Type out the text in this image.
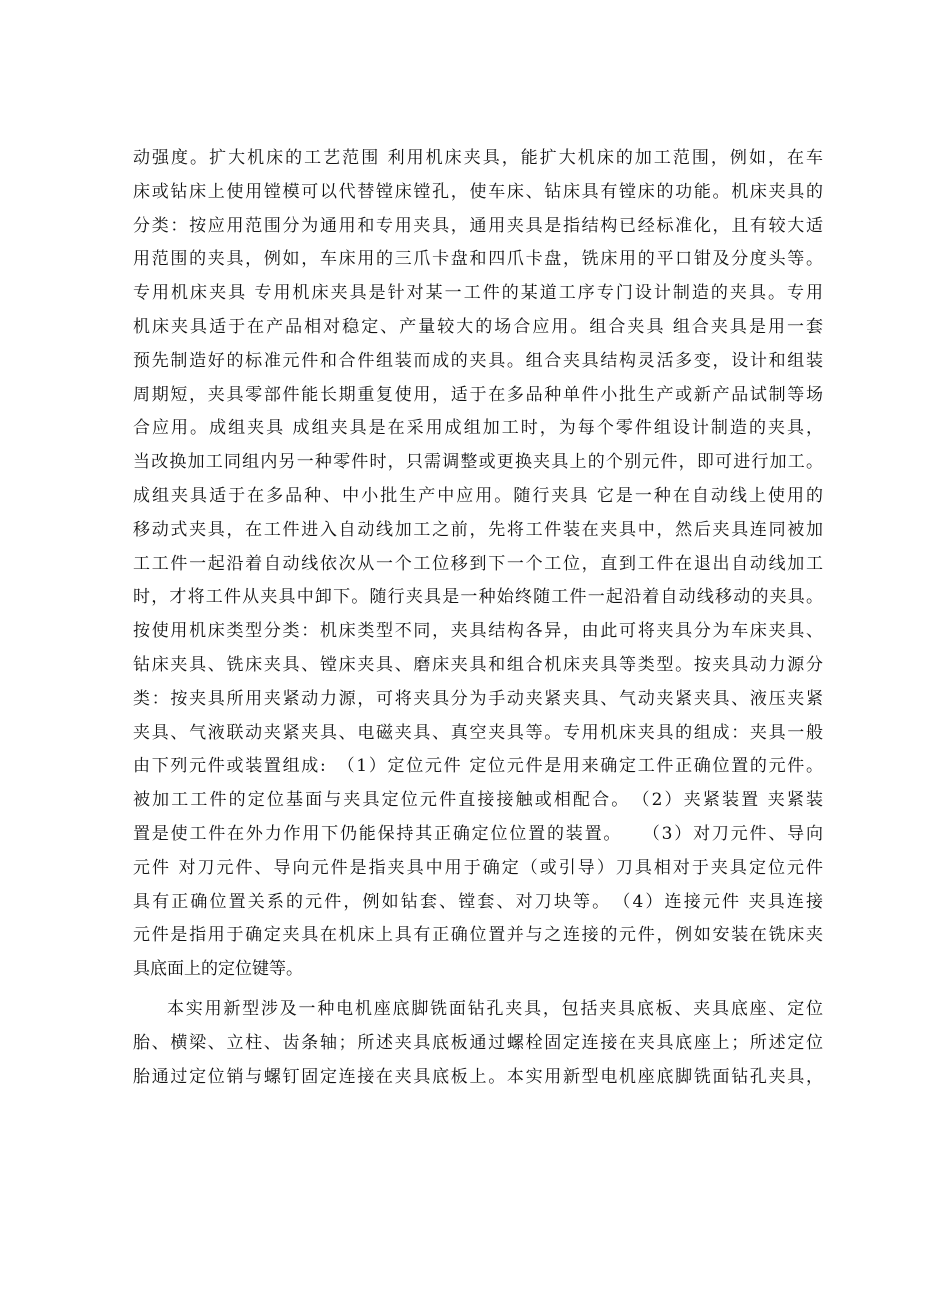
动强度。扩大机床的工艺范围 利用机床夹具，能扩大机床的加工范围，例如，在车
床或钻床上使用镗模可以代替镗床镗孔，使车床、钻床具有镗床的功能。机床夹具的
分类：按应用范围分为通用和专用夹具，通用夹具是指结构已经标准化，且有较大适
用范围的夹具，例如，车床用的三爪卡盘和四爪卡盘，铣床用的平口钳及分度头等。
专用机床夹具 专用机床夹具是针对某一工件的某道工序专门设计制造的夹具。专用
机床夹具适于在产品相对稳定、产量较大的场合应用。组合夹具 组合夹具是用一套
预先制造好的标准元件和合件组装而成的夹具。组合夹具结构灵活多变，设计和组装
周期短，夹具零部件能长期重复使用，适于在多品种单件小批生产或新产品试制等场
合应用。成组夹具 成组夹具是在采用成组加工时，为每个零件组设计制造的夹具，
当改换加工同组内另一种零件时，只需调整或更换夹具上的个别元件，即可进行加工。
成组夹具适于在多品种、中小批生产中应用。随行夹具 它是一种在自动线上使用的
移动式夹具，在工件进入自动线加工之前，先将工件装在夹具中，然后夹具连同被加
工工件一起沿着自动线依次从一个工位移到下一个工位，直到工件在退出自动线加工
时，才将工件从夹具中卸下。随行夹具是一种始终随工件一起沿着自动线移动的夹具。
按使用机床类型分类：机床类型不同，夹具结构各异，由此可将夹具分为车床夹具、
钻床夹具、铣床夹具、镗床夹具、磨床夹具和组合机床夹具等类型。按夹具动力源分
类：按夹具所用夹紧动力源，可将夹具分为手动夹紧夹具、气动夹紧夹具、液压夹紧
夹具、气液联动夹紧夹具、电磁夹具、真空夹具等。专用机床夹具的组成：夹具一般
由下列元件或装置组成:　（1）定位元件 定位元件是用来确定工件正确位置的元件。
被加工工件的定位基面与夹具定位元件直接接触或相配合。　（2）夹紧装置 夹紧装
置是使工件在外力作用下仍能保持其正确定位位置的装置。　　（3）对刀元件、导向
元件 对刀元件、导向元件是指夹具中用于确定（或引导）刀具相对于夹具定位元件
具有正确位置关系的元件，例如钻套、镗套、对刀块等。　（4）连接元件 夹具连接
元件是指用于确定夹具在机床上具有正确位置并与之连接的元件，例如安装在铣床夹
具底面上的定位键等。
本实用新型涉及一种电机座底脚铣面钻孔夹具，包括夹具底板、夹具底座、定位
胎、横梁、立柱、齿条轴；所述夹具底板通过螺栓固定连接在夹具底座上；所述定位
胎通过定位销与螺钉固定连接在夹具底板上。本实用新型电机座底脚铣面钻孔夹具，
